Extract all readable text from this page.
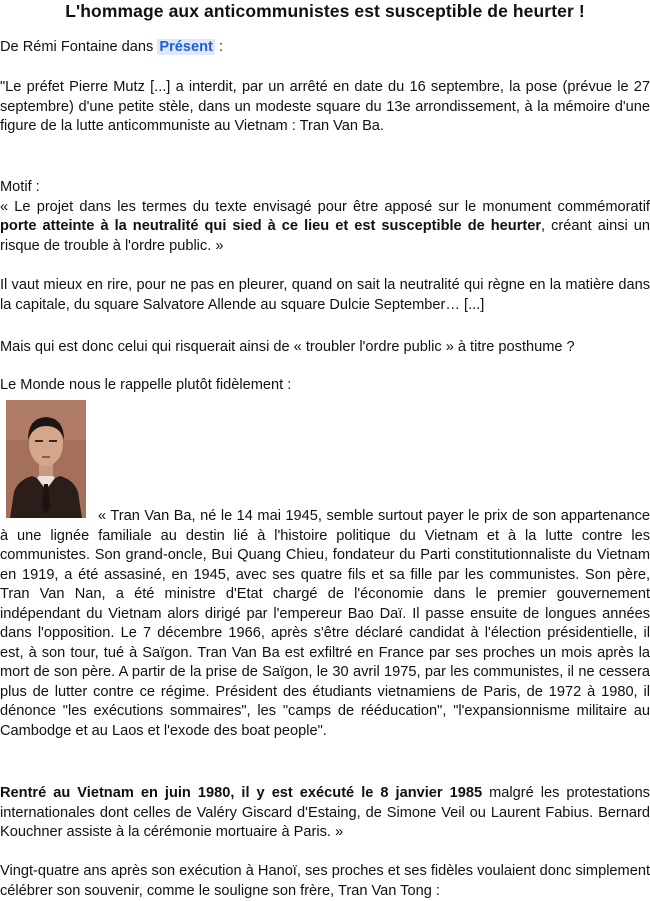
L'hommage aux anticommunistes est susceptible de heurter !

De Rémi Fontaine dans Présent :

"Le préfet Pierre Mutz [...] a interdit, par un arrêté en date du 16 septembre, la pose (prévue le 27 septembre) d'une petite stèle, dans un modeste square du 13e arrondissement, à la mémoire d'une figure de la lutte anticommuniste au Vietnam : Tran Van Ba.

Motif :

« Le projet dans les termes du texte envisagé pour être apposé sur le monument commémoratif porte atteinte à la neutralité qui sied à ce lieu et est susceptible de heurter, créant ainsi un risque de trouble à l'ordre public. »

Il vaut mieux en rire, pour ne pas en pleurer, quand on sait la neutralité qui règne en la matière dans la capitale, du square Salvatore Allende au square Dulcie September… [...]

Mais qui est donc celui qui risquerait ainsi de « troubler l'ordre public » à titre posthume ?

Le Monde nous le rappelle plutôt fidèlement :

« Tran Van Ba, né le 14 mai 1945, semble surtout payer le prix de son appartenance à une lignée familiale au destin lié à l'histoire politique du Vietnam et à la lutte contre les communistes. Son grand-oncle, Bui Quang Chieu, fondateur du Parti constitutionnaliste du Vietnam en 1919, a été assasiné, en 1945, avec ses quatre fils et sa fille par les communistes. Son père, Tran Van Nan, a été ministre d'Etat chargé de l'économie dans le premier gouvernement indépendant du Vietnam alors dirigé par l'empereur Bao Daï. Il passe ensuite de longues années dans l'opposition. Le 7 décembre 1966, après s'être déclaré candidat à l'élection présidentielle, il est, à son tour, tué à Saïgon. Tran Van Ba est exfiltré en France par ses proches un mois après la mort de son père. A partir de la prise de Saïgon, le 30 avril 1975, par les communistes, il ne cessera plus de lutter contre ce régime. Président des étudiants vietnamiens de Paris, de 1972 à 1980, il dénonce "les exécutions sommaires", les "camps de rééducation", "l'expansionnisme militaire au Cambodge et au Laos et l'exode des boat people".

Rentré au Vietnam en juin 1980, il y est exécuté le 8 janvier 1985 malgré les protestations internationales dont celles de Valéry Giscard d'Estaing, de Simone Veil ou Laurent Fabius. Bernard Kouchner assiste à la cérémonie mortuaire à Paris. »

Vingt-quatre ans après son exécution à Hanoï, ses proches et ses fidèles voulaient donc simplement célébrer son souvenir, comme le souligne son frère, Tran Van Tong :
